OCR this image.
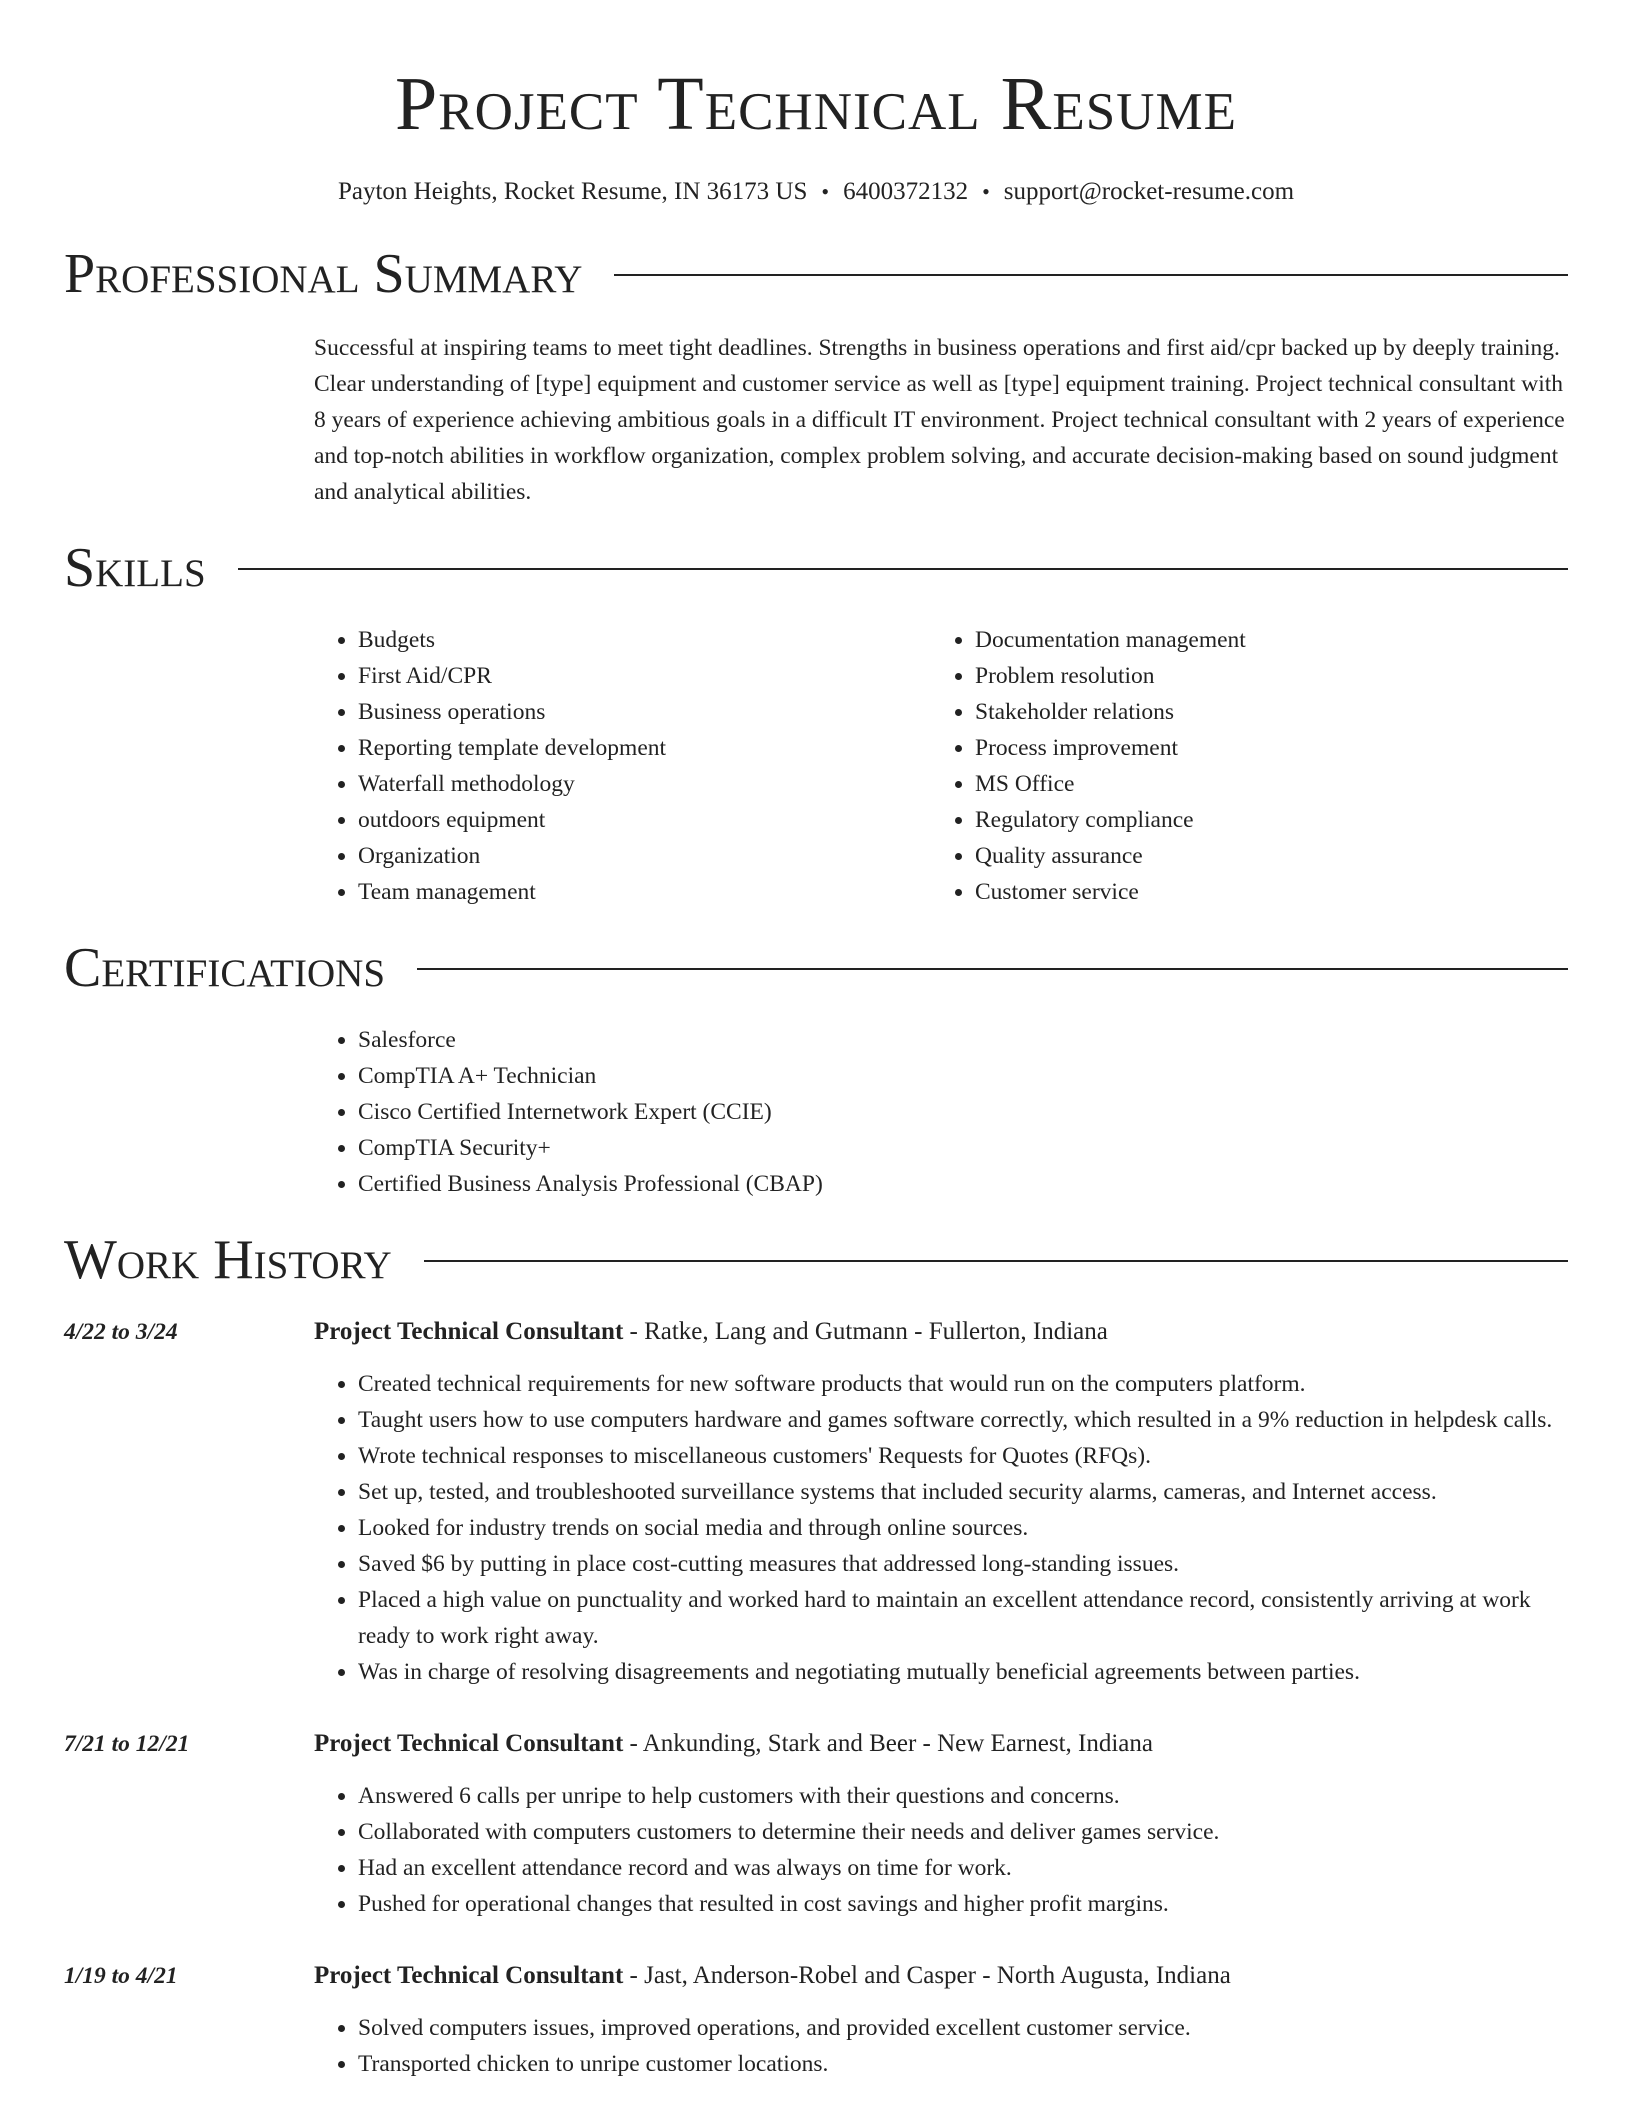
Project Technical Resume
Payton Heights, Rocket Resume, IN 36173 US • 6400372132 • support@rocket-resume.com
Professional Summary
Successful at inspiring teams to meet tight deadlines. Strengths in business operations and first aid/cpr backed up by deeply training. Clear understanding of [type] equipment and customer service as well as [type] equipment training. Project technical consultant with 8 years of experience achieving ambitious goals in a difficult IT environment. Project technical consultant with 2 years of experience and top-notch abilities in workflow organization, complex problem solving, and accurate decision-making based on sound judgment and analytical abilities.
Skills
• Budgets
• First Aid/CPR
• Business operations
• Reporting template development
• Waterfall methodology
• outdoors equipment
• Organization
• Team management
• Documentation management
• Problem resolution
• Stakeholder relations
• Process improvement
• MS Office
• Regulatory compliance
• Quality assurance
• Customer service
Certifications
• Salesforce
• CompTIA A+ Technician
• Cisco Certified Internetwork Expert (CCIE)
• CompTIA Security+
• Certified Business Analysis Professional (CBAP)
Work History
4/22 to 3/24	Project Technical Consultant - Ratke, Lang and Gutmann - Fullerton, Indiana
• Created technical requirements for new software products that would run on the computers platform.
• Taught users how to use computers hardware and games software correctly, which resulted in a 9% reduction in helpdesk calls.
• Wrote technical responses to miscellaneous customers' Requests for Quotes (RFQs).
• Set up, tested, and troubleshooted surveillance systems that included security alarms, cameras, and Internet access.
• Looked for industry trends on social media and through online sources.
• Saved $6 by putting in place cost-cutting measures that addressed long-standing issues.
• Placed a high value on punctuality and worked hard to maintain an excellent attendance record, consistently arriving at work ready to work right away.
• Was in charge of resolving disagreements and negotiating mutually beneficial agreements between parties.
7/21 to 12/21	Project Technical Consultant - Ankunding, Stark and Beer - New Earnest, Indiana
• Answered 6 calls per unripe to help customers with their questions and concerns.
• Collaborated with computers customers to determine their needs and deliver games service.
• Had an excellent attendance record and was always on time for work.
• Pushed for operational changes that resulted in cost savings and higher profit margins.
1/19 to 4/21	Project Technical Consultant - Jast, Anderson-Robel and Casper - North Augusta, Indiana
• Solved computers issues, improved operations, and provided excellent customer service.
• Transported chicken to unripe customer locations.
